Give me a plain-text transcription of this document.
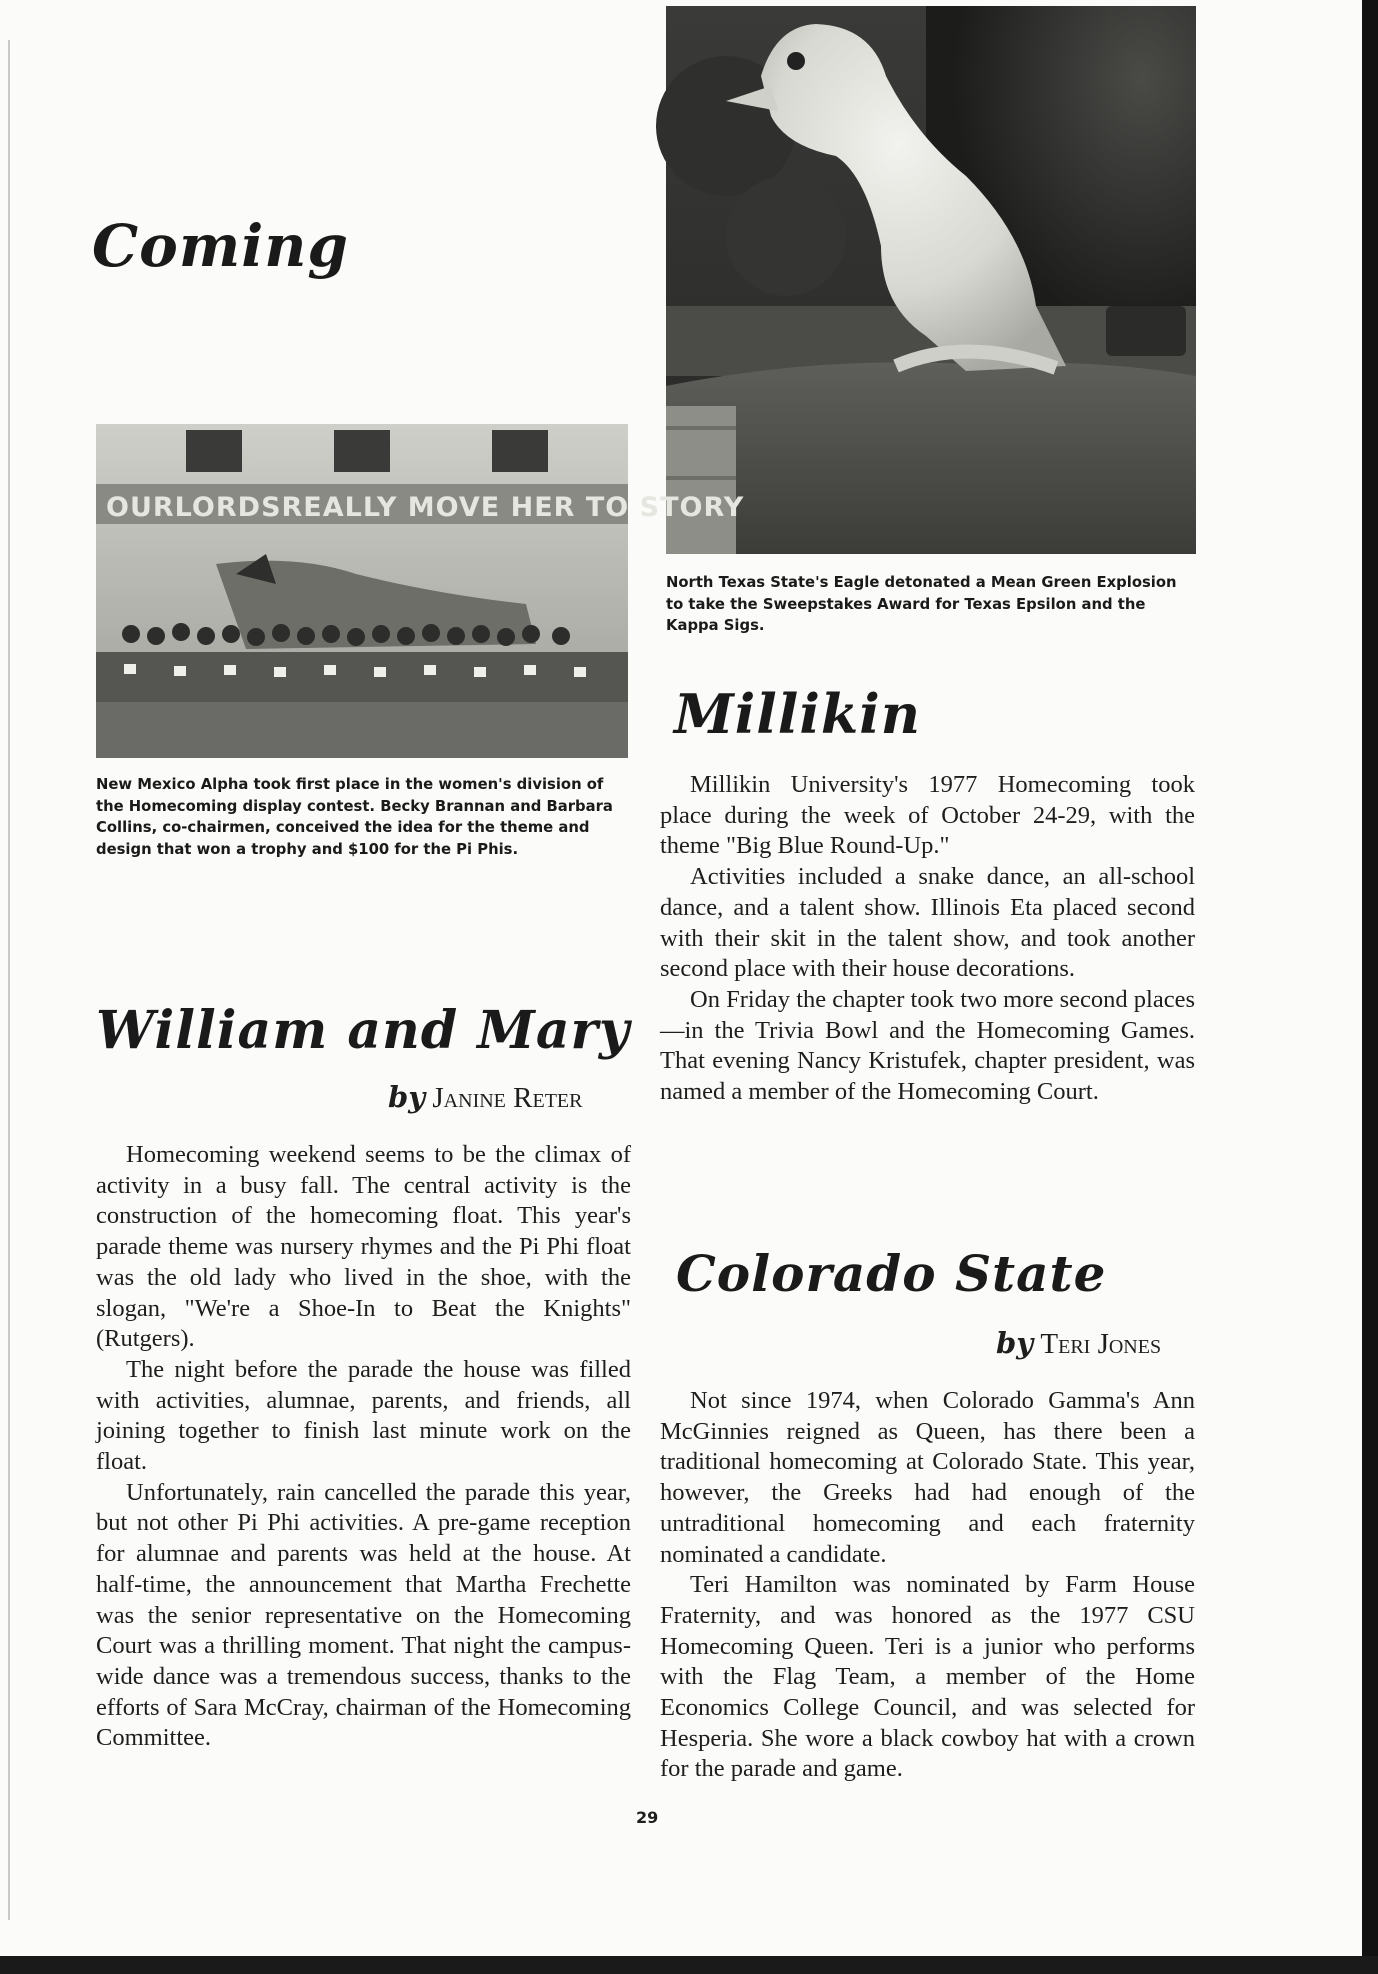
North Texas State's Eagle detonated a Mean Green Explosion to take the Sweepstakes Award for Texas Epsilon and the Kappa Sigs.
Coming
OURLORDSREALLY MOVE HER TO STORY
New Mexico Alpha took first place in the women's division of the Homecoming display contest. Becky Brannan and Barbara Collins, co-chairmen, conceived the idea for the theme and design that won a trophy and $100 for the Pi Phis.
Millikin

Millikin University's 1977 Homecoming took place during the week of October 24-29, with the theme "Big Blue Round-Up."

Activities included a snake dance, an all-school dance, and a talent show. Illinois Eta placed second with their skit in the talent show, and took another second place with their house decorations.

On Friday the chapter took two more second places—in the Trivia Bowl and the Homecoming Games. That evening Nancy Kristufek, chapter president, was named a member of the Homecoming Court.

William and Mary
by Janine Reter

Homecoming weekend seems to be the climax of activity in a busy fall. The central activity is the construction of the homecoming float. This year's parade theme was nursery rhymes and the Pi Phi float was the old lady who lived in the shoe, with the slogan, "We're a Shoe-In to Beat the Knights" (Rutgers).

The night before the parade the house was filled with activities, alumnae, parents, and friends, all joining together to finish last minute work on the float.

Unfortunately, rain cancelled the parade this year, but not other Pi Phi activities. A pre-game reception for alumnae and parents was held at the house. At half-time, the announcement that Martha Frechette was the senior representative on the Homecoming Court was a thrilling moment. That night the campus-wide dance was a tremendous success, thanks to the efforts of Sara McCray, chairman of the Homecoming Committee.

Colorado State
by Teri Jones

Not since 1974, when Colorado Gamma's Ann McGinnies reigned as Queen, has there been a traditional homecoming at Colorado State. This year, however, the Greeks had had enough of the untraditional homecoming and each fraternity nominated a candidate.

Teri Hamilton was nominated by Farm House Fraternity, and was honored as the 1977 CSU Homecoming Queen. Teri is a junior who performs with the Flag Team, a member of the Home Economics College Council, and was selected for Hesperia. She wore a black cowboy hat with a crown for the parade and game.

29
